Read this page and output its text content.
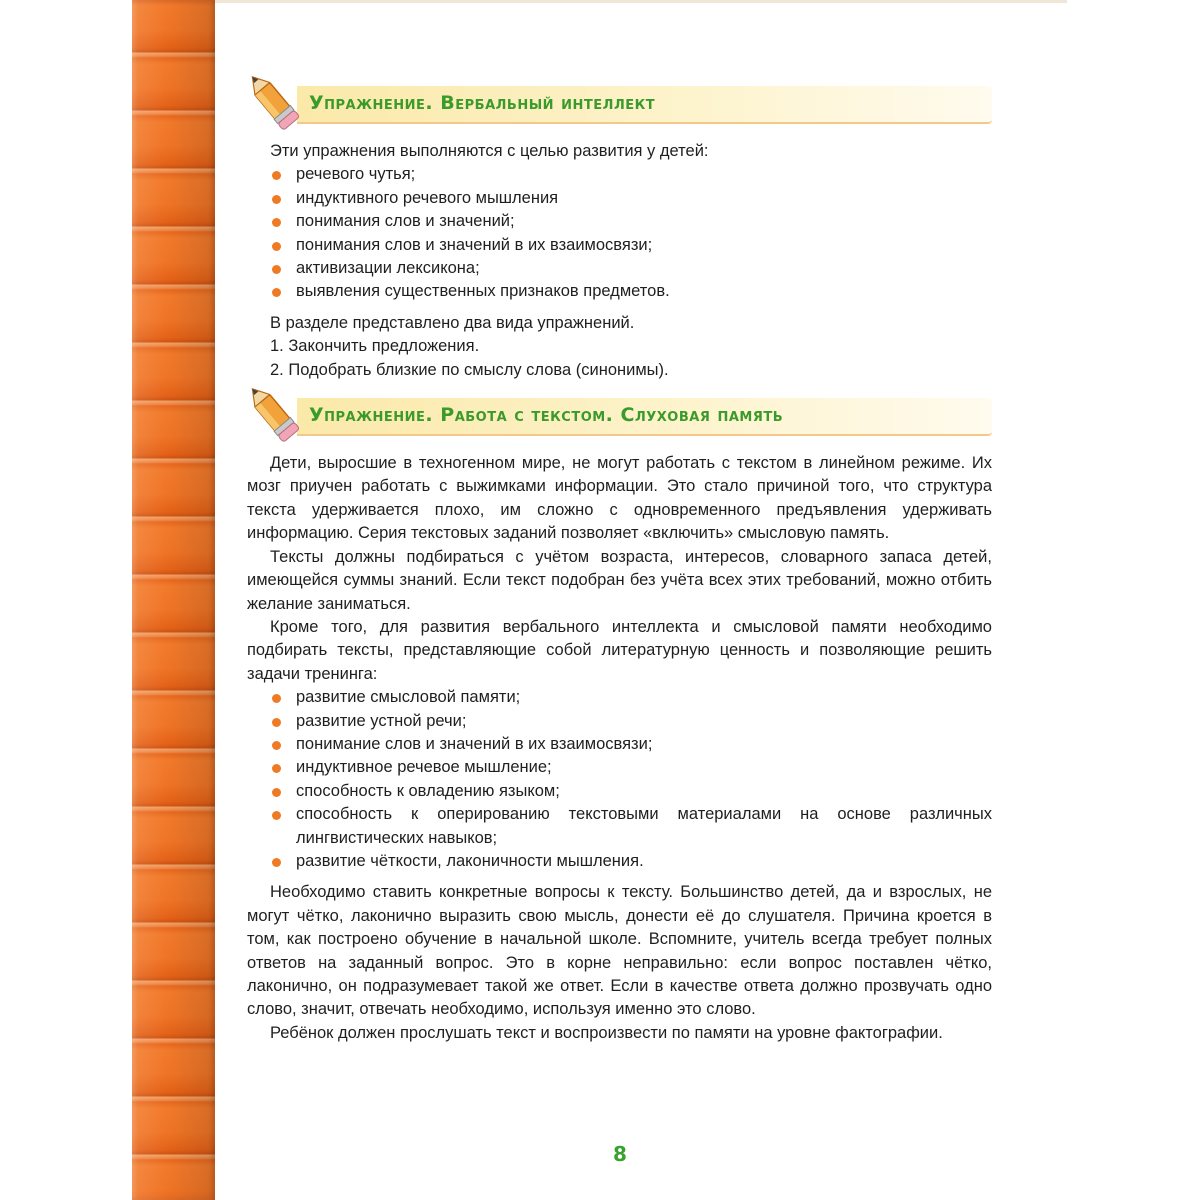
Упражнение. Вербальный интеллект

Эти упражнения выполняются с целью развития у детей:

речевого чутья;
индуктивного речевого мышления
понимания слов и значений;
понимания слов и значений в их взаимосвязи;
активизации лексикона;
выявления существенных признаков предметов.

В разделе представлено два вида упражнений.

1. Закончить предложения.

2. Подобрать близкие по смыслу слова (синонимы).

Упражнение. Работа с текстом. Слуховая память

Дети, выросшие в техногенном мире, не могут работать с текстом в линейном режиме. Их мозг приучен работать с выжимками информации. Это стало причиной того, что структура текста удерживается плохо, им сложно с одновременного предъявления удерживать информацию. Серия текстовых заданий позволяет «включить» смысловую память.

Тексты должны подбираться с учётом возраста, интересов, словарного запаса детей, имеющейся суммы знаний. Если текст подобран без учёта всех этих требований, можно отбить желание заниматься.

Кроме того, для развития вербального интеллекта и смысловой памяти необходимо подбирать тексты, представляющие собой литературную ценность и позволяющие решить задачи тренинга:

развитие смысловой памяти;
развитие устной речи;
понимание слов и значений в их взаимосвязи;
индуктивное речевое мышление;
способность к овладению языком;
способность к оперированию текстовыми материалами на основе различных лингвистических навыков;
развитие чёткости, лаконичности мышления.

Необходимо ставить конкретные вопросы к тексту. Большинство детей, да и взрослых, не могут чётко, лаконично выразить свою мысль, донести её до слушателя. Причина кроется в том, как построено обучение в начальной школе. Вспомните, учитель всегда требует полных ответов на заданный вопрос. Это в корне неправильно: если вопрос поставлен чётко, лаконично, он подразумевает такой же ответ. Если в качестве ответа должно прозвучать одно слово, значит, отвечать необходимо, используя именно это слово.

Ребёнок должен прослушать текст и воспроизвести по памяти на уровне фактографии.

8
